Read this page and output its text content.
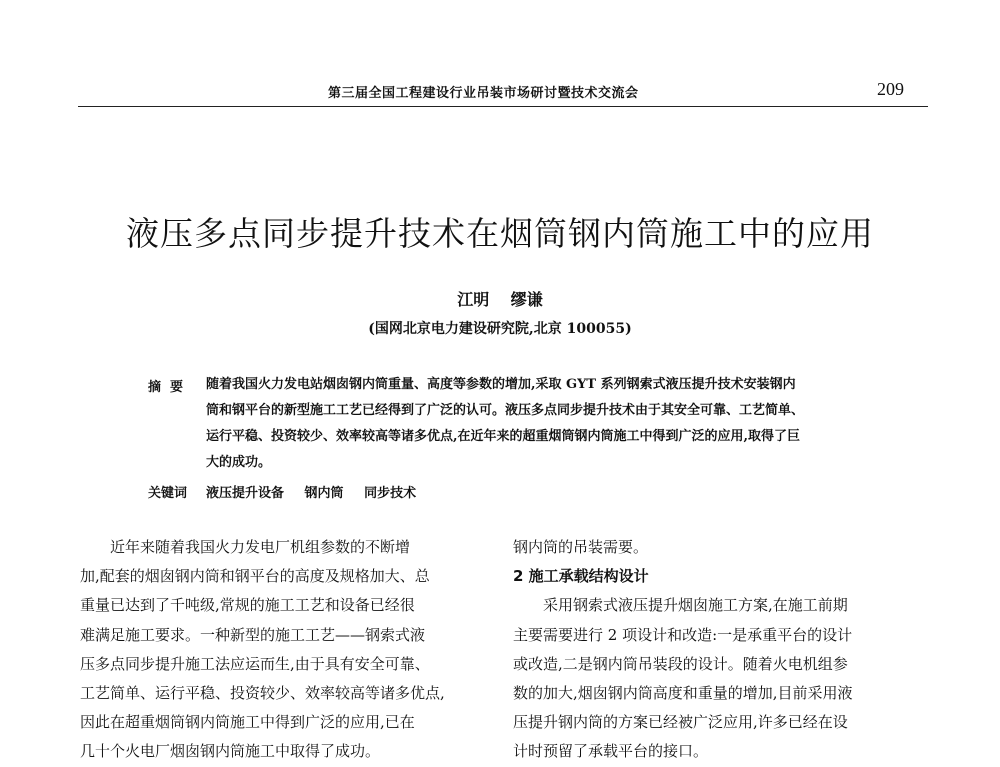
第三届全国工程建设行业吊装市场研讨暨技术交流会	209
液压多点同步提升技术在烟筒钢内筒施工中的应用
江明 缪谦
(国网北京电力建设研究院,北京 100055)
摘要 随着我国火力发电站烟囱钢内筒重量、高度等参数的增加,采取 GYT 系列钢索式液压提升技术安装钢内
筒和钢平台的新型施工工艺已经得到了广泛的认可。液压多点同步提升技术由于其安全可靠、工艺简单、
运行平稳、投资较少、效率较高等诸多优点,在近年来的超重烟筒钢内筒施工中得到广泛的应用,取得了巨
大的成功。
关键词 液压提升设备 钢内筒 同步技术
近年来随着我国火力发电厂机组参数的不断增
加,配套的烟囱钢内筒和钢平台的高度及规格加大、总
重量已达到了千吨级,常规的施工工艺和设备已经很
难满足施工要求。一种新型的施工工艺——钢索式液
压多点同步提升施工法应运而生,由于具有安全可靠、
工艺简单、运行平稳、投资较少、效率较高等诸多优点,
因此在超重烟筒钢内筒施工中得到广泛的应用,已在
几十个火电厂烟囱钢内筒施工中取得了成功。
钢内筒的吊装需要。
2 施工承载结构设计
采用钢索式液压提升烟囱施工方案,在施工前期
主要需要进行 2 项设计和改造:一是承重平台的设计
或改造,二是钢内筒吊装段的设计。随着火电机组参
数的加大,烟囱钢内筒高度和重量的增加,目前采用液
压提升钢内筒的方案已经被广泛应用,许多已经在设
计时预留了承载平台的接口。
